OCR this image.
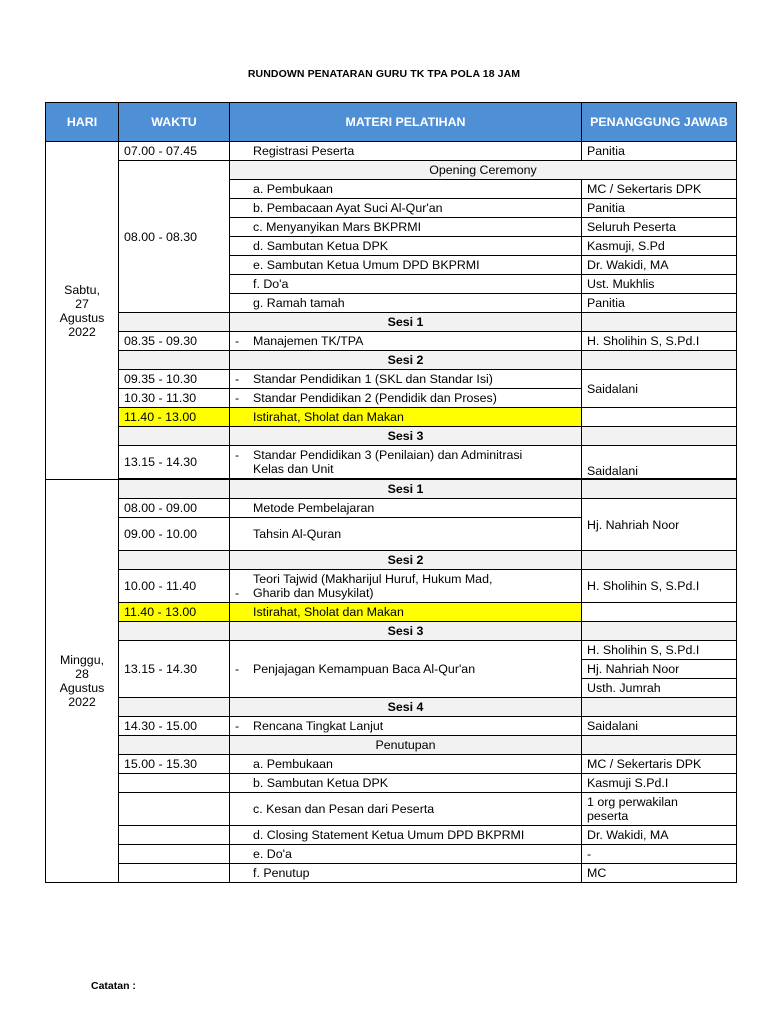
RUNDOWN PENATARAN GURU TK TPA POLA 18 JAM
HARI	WAKTU	MATERI PELATIHAN	PENANGGUNG JAWAB
Sabtu,
27
Agustus
2022	07.00 - 07.45	Registrasi Peserta	Panitia
	08.00 - 08.30	Opening Ceremony	
		a. Pembukaan	MC / Sekertaris DPK
		b. Pembacaan Ayat Suci Al-Qur'an	Panitia
		c. Menyanyikan Mars BKPRMI	Seluruh Peserta
		d. Sambutan Ketua DPK	Kasmuji, S.Pd
		e. Sambutan Ketua Umum DPD BKPRMI	Dr. Wakidi, MA
		f. Do'a	Ust. Mukhlis
		g. Ramah tamah	Panitia
		Sesi 1	
	08.35 - 09.30	- Manajemen TK/TPA	H. Sholihin S, S.Pd.I
		Sesi 2	
	09.35 - 10.30	- Standar Pendidikan 1 (SKL dan Standar Isi)	Saidalani
	10.30 - 11.30	- Standar Pendidikan 2 (Pendidik dan Proses)	
	11.40 - 13.00	Istirahat, Sholat dan Makan	
		Sesi 3	
	13.15 - 14.30	- Standar Pendidikan 3 (Penilaian) dan Adminitrasi
Kelas dan Unit	Saidalani

Minggu,
28
Agustus
2022		Sesi 1	
	08.00 - 09.00	Metode Pembelajaran	Hj. Nahriah Noor
	09.00 - 10.00	Tahsin Al-Quran	
		Sesi 2	
	10.00 - 11.40	Teori Tajwid (Makharijul Huruf, Hukum Mad,
- Gharib dan Musykilat)	H. Sholihin S, S.Pd.I
	11.40 - 13.00	Istirahat, Sholat dan Makan	
		Sesi 3	
	13.15 - 14.30	- Penjajagan Kemampuan Baca Al-Qur'an	H. Sholihin S, S.Pd.I
			Hj. Nahriah Noor
			Usth. Jumrah
		Sesi 4	
	14.30 - 15.00	- Rencana Tingkat Lanjut	Saidalani
		Penutupan	
	15.00 - 15.30	a. Pembukaan	MC / Sekertaris DPK
		b. Sambutan Ketua DPK	Kasmuji S.Pd.I
		c. Kesan dan Pesan dari Peserta	1 org perwakilan
peserta
		d. Closing Statement Ketua Umum DPD BKPRMI	Dr. Wakidi, MA
		e. Do'a	-
		f. Penutup	MC
Catatan :
